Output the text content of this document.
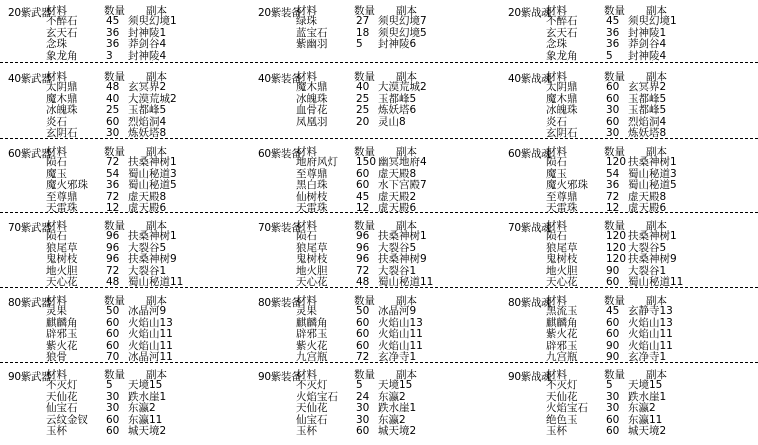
20紫武器
材料	数量 副本
不醉石	45 须臾幻境1
玄天石	36 封神陵1
念珠	36 莽剑谷4
象龙角	3 封神陵4
20紫装备
材料	数量 副本
绿珠	27 须臾幻境7
蓝宝石	18 须臾幻境5
紫幽羽	5 封神陵6
20紫战魂
材料	数量 副本
不醉石	45 须臾幻境1
玄天石	36 封神陵1
念珠	36 莽剑谷4
象龙角	5 封神陵4
40紫武器
材料	数量 副本
太阴鼎	48 玄冥界2
魔木鼎	40 大漠荒城2
冰魄珠	25 玉都峰5
炎石	60 烈焰洞4
玄阴石	30 炼妖塔8
40紫装备
材料	数量 副本
魔木鼎	40 大漠荒城2
冰魄珠	25 玉都峰5
血骨花	25 炼妖塔6
凤凰羽	20 灵山8
40紫战魂
材料	数量 副本
太阴鼎	60 玄冥界2
魔木鼎	60 玉都峰5
冰魄珠	30 玉都峰5
炎石	60 烈焰洞4
玄阴石	30 炼妖塔8
60紫武器
材料	数量 副本
陨石	72 扶桑神树1
魔玉	54 蜀山秘道3
魔火邪珠 36 蜀山秘道5
至尊鼎	72 虚天殿8
天雷珠	12 虚天殿6
60紫装备
材料	数量 副本
地府风灯 150 幽冥地府4
至尊鼎	60 虚天殿8
黑白珠	60 水下宫殿7
仙树枝	45 虚天殿2
天雷珠	12 虚天殿6
60紫战魂
材料	数量 副本
陨石	120 扶桑神树1
魔玉	54 蜀山秘道3
魔火邪珠 36 蜀山秘道5
至尊鼎	72 虚天殿8
天雷珠	12 虚天殿6
70紫武器
材料	数量 副本
陨石	96 扶桑神树1
狼尾草	96 大裂谷5
鬼树枝	96 扶桑神树9
地火胆	72 大裂谷1
天心花	48 蜀山秘道11
70紫装备
材料	数量 副本
陨石	96 扶桑神树1
狼尾草	96 大裂谷5
鬼树枝	96 扶桑神树9
地火胆	72 大裂谷1
天心花	48 蜀山秘道11
70紫战魂
材料	数量 副本
陨石	120 扶桑神树1
狼尾草	120 大裂谷5
鬼树枝	120 扶桑神树9
地火胆	90 大裂谷1
天心花	60 蜀山秘道11
80紫武器
材料	数量 副本
灵果	50 冰晶河9
麒麟角	60 火焰山13
辟邪玉	60 火焰山11
紫火花	60 火焰山11
狼骨	70 冰晶河11
80紫装备
材料	数量 副本
灵果	50 冰晶河9
麒麟角	60 火焰山13
辟邪玉	60 火焰山11
紫火花	60 火焰山11
九宫瓶	72 玄净寺1
80紫战魂
材料	数量 副本
黑流玉	45 玄静寺13
麒麟角	60 火焰山13
紫火花	60 火焰山11
辟邪玉	90 火焰山11
九宫瓶	90 玄净寺1
90紫武器
材料	数量 副本
不灭灯	5 天境15
天仙花	30 跌水崖1
仙宝石	30 东瀛2
云纹金钗 60 东瀛11
玉杯	60 城天境2
90紫装备
材料	数量 副本
不灭灯	5 天境15
火焰宝石 24 东瀛2
天仙花	30 跌水崖1
仙宝石	30 东瀛2
玉杯	60 城天境2
90紫战魂
材料	数量 副本
不灭灯	5 天境15
天仙花	30 跌水崖1
火焰宝石 30 东瀛2
绝色玉	60 东瀛11
玉杯	60 城天境2
